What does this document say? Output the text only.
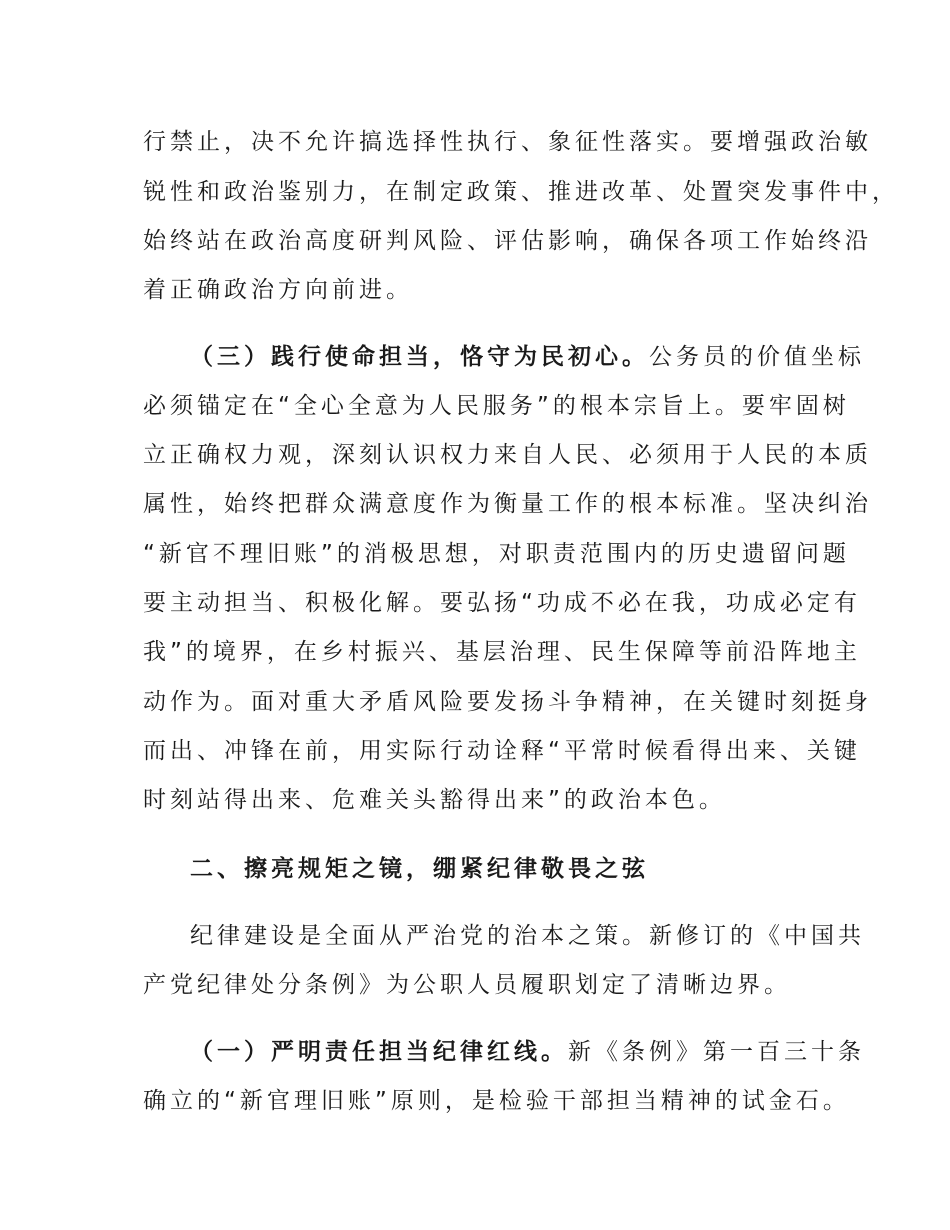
行禁止，决不允许搞选择性执行、象征性落实。要增强政治敏
锐性和政治鉴别力，在制定政策、推进改革、处置突发事件中，
始终站在政治高度研判风险、评估影响，确保各项工作始终沿
着正确政治方向前进。
（三）践行使命担当，恪守为民初心。公务员的价值坐标
必须锚定在“全心全意为人民服务”的根本宗旨上。要牢固树
立正确权力观，深刻认识权力来自人民、必须用于人民的本质
属性，始终把群众满意度作为衡量工作的根本标准。坚决纠治
“新官不理旧账”的消极思想，对职责范围内的历史遗留问题
要主动担当、积极化解。要弘扬“功成不必在我，功成必定有
我”的境界，在乡村振兴、基层治理、民生保障等前沿阵地主
动作为。面对重大矛盾风险要发扬斗争精神，在关键时刻挺身
而出、冲锋在前，用实际行动诠释“平常时候看得出来、关键
时刻站得出来、危难关头豁得出来”的政治本色。
二、擦亮规矩之镜，绷紧纪律敬畏之弦
纪律建设是全面从严治党的治本之策。新修订的《中国共
产党纪律处分条例》为公职人员履职划定了清晰边界。
（一）严明责任担当纪律红线。新《条例》第一百三十条
确立的“新官理旧账”原则，是检验干部担当精神的试金石。
